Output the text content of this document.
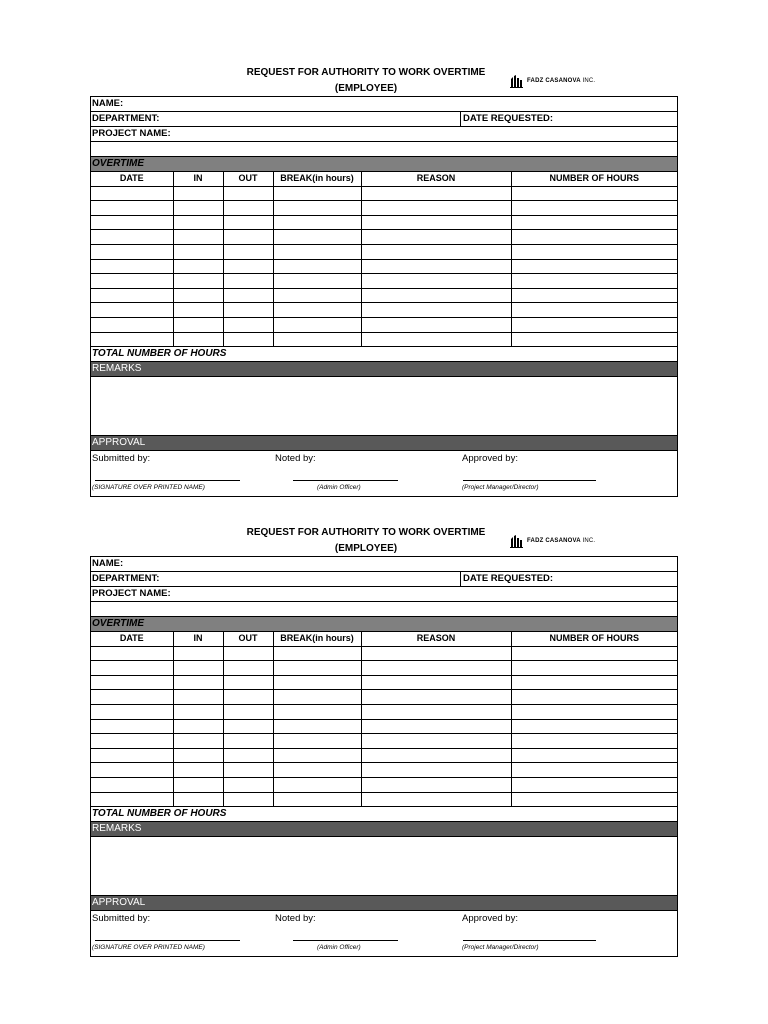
REQUEST FOR AUTHORITY TO WORK OVERTIME
(EMPLOYEE)
FADZ CASANOVA INC.
NAME:
DEPARTMENT:	DATE REQUESTED:
PROJECT NAME:
OVERTIME
DATE	IN	OUT	BREAK(in hours)	REASON	NUMBER OF HOURS

TOTAL NUMBER OF HOURS
REMARKS
APPROVAL
Submitted by:	Noted by:	Approved by:
(SIGNATURE OVER PRINTED NAME)	(Admin Officer)	(Project Manager/Director)
REQUEST FOR AUTHORITY TO WORK OVERTIME
(EMPLOYEE)
FADZ CASANOVA INC.
NAME:
DEPARTMENT:	DATE REQUESTED:
PROJECT NAME:
OVERTIME
DATE	IN	OUT	BREAK(in hours)	REASON	NUMBER OF HOURS

TOTAL NUMBER OF HOURS
REMARKS
APPROVAL
Submitted by:	Noted by:	Approved by:
(SIGNATURE OVER PRINTED NAME)	(Admin Officer)	(Project Manager/Director)
